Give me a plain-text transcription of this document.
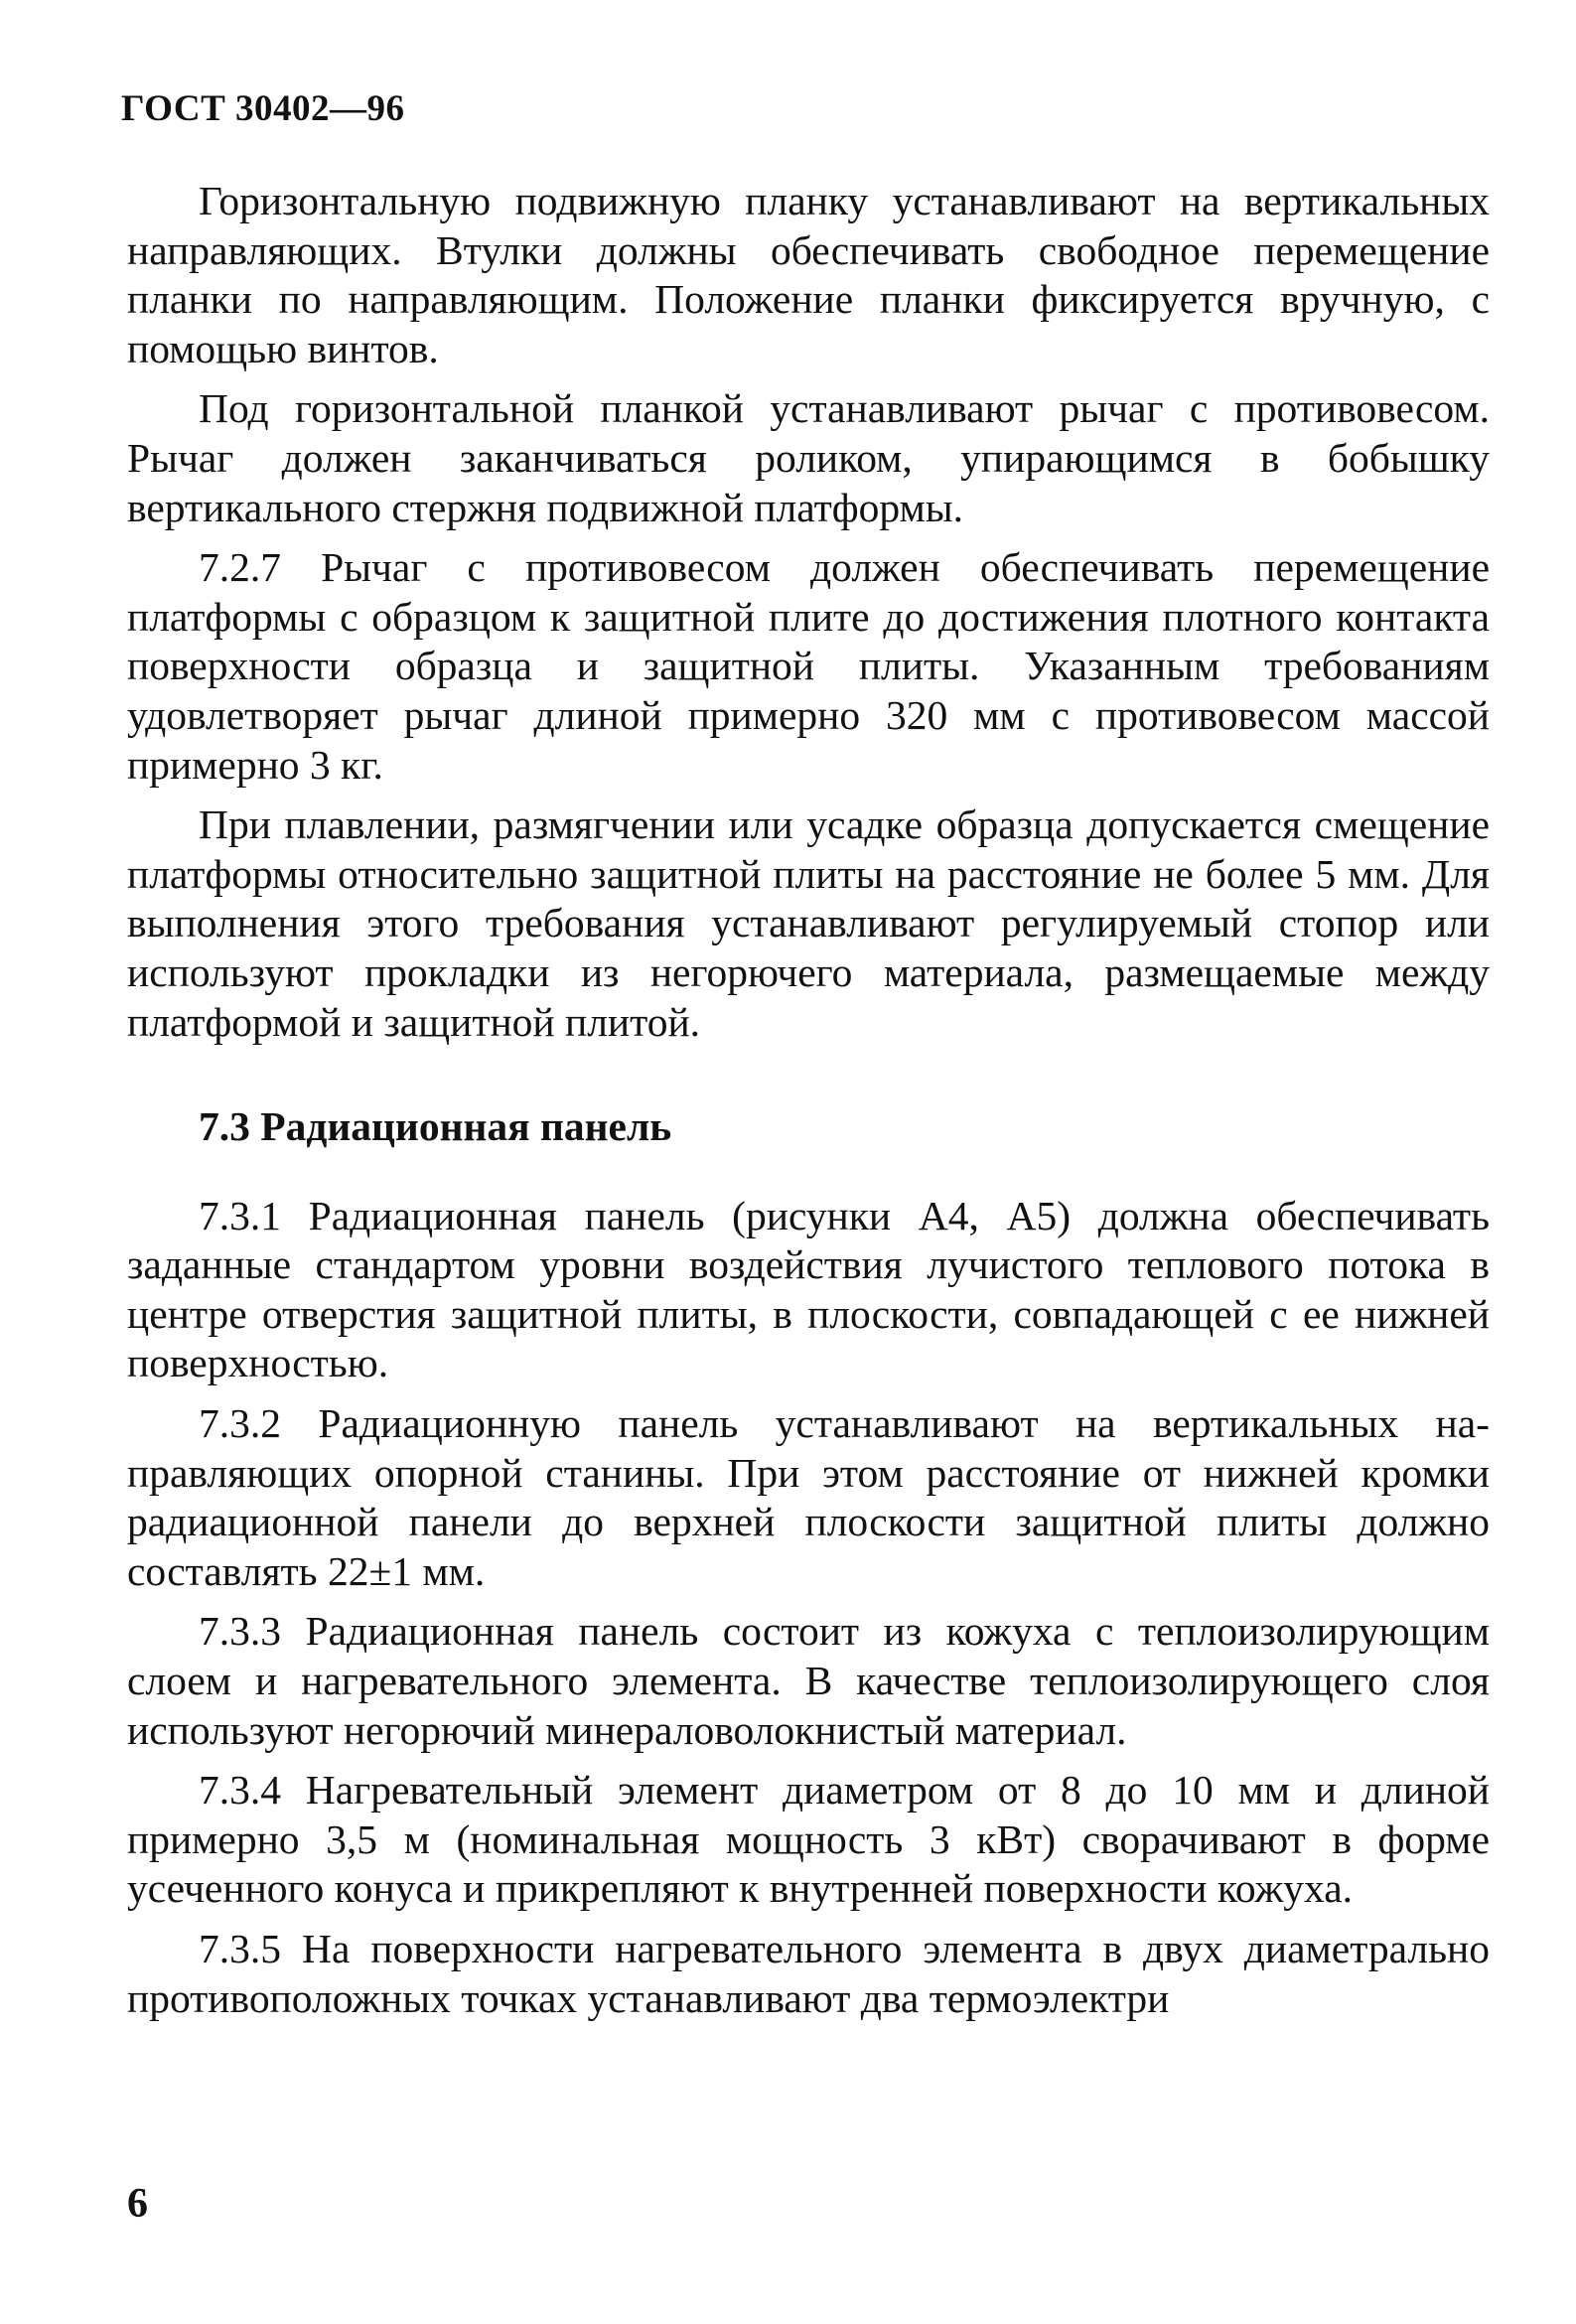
ГОСТ 30402—96

Горизонтальную подвижную планку устанавливают на вертикальных направляющих. Втулки должны обеспечивать свободное перемещение планки по направляющим. Положение планки фиксируется вручную, с помощью винтов.

Под горизонтальной планкой устанавливают рычаг с противовесом. Рычаг должен заканчиваться роликом, упирающимся в бобышку вертикального стержня подвижной платформы.

7.2.7 Рычаг с противовесом должен обеспечивать перемещение платформы с образцом к защитной плите до достижения плотного контакта поверхности образца и защитной плиты. Указанным требованиям удовлетворяет рычаг длиной примерно 320 мм с противовесом массой примерно 3 кг.

При плавлении, размягчении или усадке образца допускается смещение платформы относительно защитной плиты на расстояние не более 5 мм. Для выполнения этого требования устанавливают регулируемый стопор или используют прокладки из негорючего материала, размещаемые между платформой и защитной плитой.

7.3 Радиационная панель

7.3.1 Радиационная панель (рисунки А4, А5) должна обеспечивать заданные стандартом уровни воздействия лучистого теплового потока в центре отверстия защитной плиты, в плоскости, совпадающей с ее нижней поверхностью.

7.3.2 Радиационную панель устанавливают на вертикальных направляющих опорной станины. При этом расстояние от нижней кромки радиационной панели до верхней плоскости защитной плиты должно составлять 22±1 мм.

7.3.3 Радиационная панель состоит из кожуха с теплоизолирующим слоем и нагревательного элемента. В качестве теплоизолирующего слоя используют негорючий минераловолокнистый материал.

7.3.4 Нагревательный элемент диаметром от 8 до 10 мм и длиной примерно 3,5 м (номинальная мощность 3 кВт) сворачивают в форме усеченного конуса и прикрепляют к внутренней поверхности кожуха.

7.3.5 На поверхности нагревательного элемента в двух диаметрально противоположных точках устанавливают два термоэлектри

6
